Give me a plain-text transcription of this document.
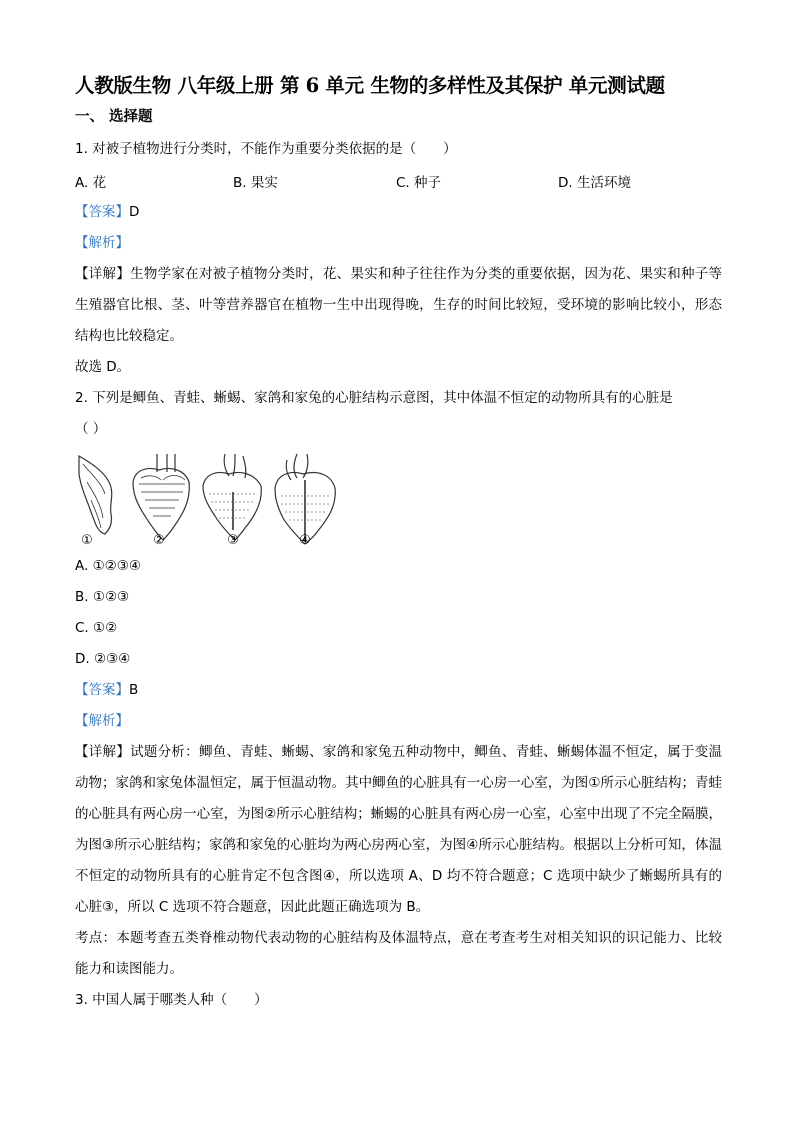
人教版生物 八年级上册 第 6 单元 生物的多样性及其保护 单元测试题
一、 选择题
1. 对被子植物进行分类时，不能作为重要分类依据的是（　　）
A. 花	B. 果实	C. 种子	D. 生活环境
【答案】D
【解析】
【详解】生物学家在对被子植物分类时，花、果实和种子往往作为分类的重要依据，因为花、果实和种子等生殖器官比根、茎、叶等营养器官在植物一生中出现得晚，生存的时间比较短，受环境的影响比较小，形态结构也比较稳定。
故选 D。
2. 下列是鲫鱼、青蛙、蜥蜴、家鸽和家兔的心脏结构示意图，其中体温不恒定的动物所具有的心脏是
（ ）
①	②	③	④
A. ①②③④
B. ①②③
C. ①②
D. ②③④
【答案】B
【解析】
【详解】试题分析：鲫鱼、青蛙、蜥蜴、家鸽和家兔五种动物中，鲫鱼、青蛙、蜥蜴体温不恒定，属于变温动物；家鸽和家兔体温恒定，属于恒温动物。其中鲫鱼的心脏具有一心房一心室，为图①所示心脏结构；青蛙的心脏具有两心房一心室，为图②所示心脏结构；蜥蜴的心脏具有两心房一心室，心室中出现了不完全隔膜，为图③所示心脏结构；家鸽和家兔的心脏均为两心房两心室，为图④所示心脏结构。根据以上分析可知，体温不恒定的动物所具有的心脏肯定不包含图④，所以选项 A、D 均不符合题意；C 选项中缺少了蜥蜴所具有的心脏③，所以 C 选项不符合题意，因此此题正确选项为 B。
考点：本题考查五类脊椎动物代表动物的心脏结构及体温特点，意在考查考生对相关知识的识记能力、比较能力和读图能力。
3. 中国人属于哪类人种（　　）
